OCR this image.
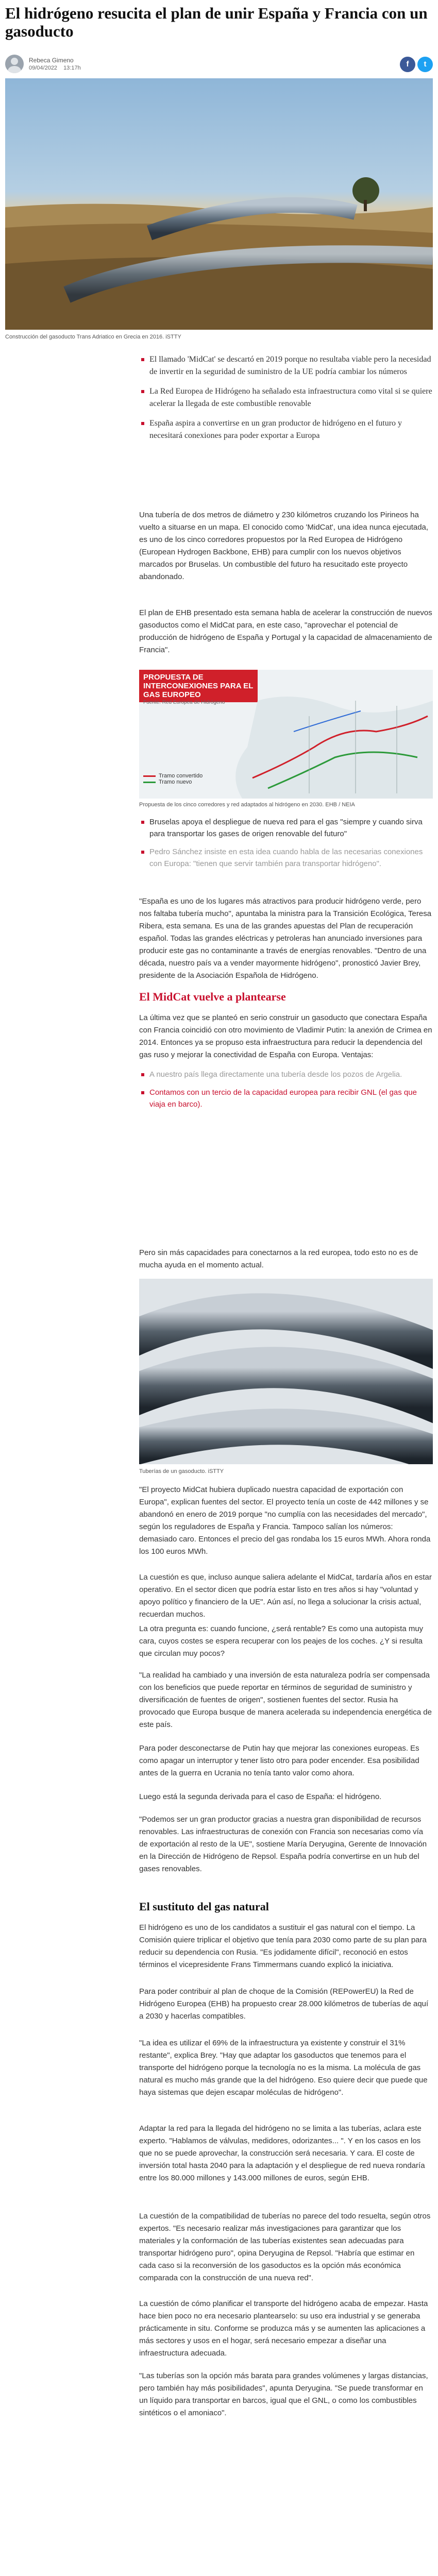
El hidrógeno resucita el plan de unir España y Francia con un gasoducto
Rebeca Gimeno
09/04/2022 13:17h	f	t
Construcción del gasoducto Trans Adriatico en Grecia en 2016. iSTTY
El llamado 'MidCat' se descartó en 2019 porque no resultaba viable pero la necesidad de invertir en la seguridad de suministro de la UE podría cambiar los números
La Red Europea de Hidrógeno ha señalado esta infraestructura como vital si se quiere acelerar la llegada de este combustible renovable
España aspira a convertirse en un gran productor de hidrógeno en el futuro y necesitará conexiones para poder exportar a Europa

Una tubería de dos metros de diámetro y 230 kilómetros cruzando los Pirineos ha vuelto a situarse en un mapa. El conocido como 'MidCat', una idea nunca ejecutada, es uno de los cinco corredores propuestos por la Red Europea de Hidrógeno (European Hydrogen Backbone, EHB) para cumplir con los nuevos objetivos marcados por Bruselas. Un combustible del futuro ha resucitado este proyecto abandonado.

El plan de EHB presentado esta semana habla de acelerar la construcción de nuevos gasoductos como el MidCat para, en este caso, "aprovechar el potencial de producción de hidrógeno de España y Portugal y la capacidad de almacenamiento de Francia".

PROPUESTA DE INTERCONEXIONES PARA EL GAS EUROPEO
Fuente: Red Europea de Hidrógeno
Tramo convertido
Tramo nuevo
Propuesta de los cinco corredores y red adaptados al hidrógeno en 2030. EHB / NEIA
Bruselas apoya el despliegue de nueva red para el gas "siempre y cuando sirva para transportar los gases de origen renovable del futuro"
Pedro Sánchez insiste en esta idea cuando habla de las necesarias conexiones con Europa: "tienen que servir también para transportar hidrógeno".

"España es uno de los lugares más atractivos para producir hidrógeno verde, pero nos faltaba tubería mucho", apuntaba la ministra para la Transición Ecológica, Teresa Ribera, esta semana. Es una de las grandes apuestas del Plan de recuperación español. Todas las grandes eléctricas y petroleras han anunciado inversiones para producir este gas no contaminante a través de energías renovables. "Dentro de una década, nuestro país va a vender mayormente hidrógeno", pronosticó Javier Brey, presidente de la Asociación Española de Hidrógeno.

El MidCat vuelve a plantearse

La última vez que se planteó en serio construir un gasoducto que conectara España con Francia coincidió con otro movimiento de Vladimir Putin: la anexión de Crimea en 2014. Entonces ya se propuso esta infraestructura para reducir la dependencia del gas ruso y mejorar la conectividad de España con Europa. Ventajas:

A nuestro país llega directamente una tubería desde los pozos de Argelia.
Contamos con un tercio de la capacidad europea para recibir GNL (el gas que viaja en barco).

Pero sin más capacidades para conectarnos a la red europea, todo esto no es de mucha ayuda en el momento actual.

Tuberías de un gasoducto. iSTTY

"El proyecto MidCat hubiera duplicado nuestra capacidad de exportación con Europa", explican fuentes del sector. El proyecto tenía un coste de 442 millones y se abandonó en enero de 2019 porque "no cumplía con las necesidades del mercado", según los reguladores de España y Francia. Tampoco salían los números: demasiado caro. Entonces el precio del gas rondaba los 15 euros MWh. Ahora ronda los 100 euros MWh.

La cuestión es que, incluso aunque saliera adelante el MidCat, tardaría años en estar operativo. En el sector dicen que podría estar listo en tres años si hay "voluntad y apoyo político y financiero de la UE". Aún así, no llega a solucionar la crisis actual, recuerdan muchos.

La otra pregunta es: cuando funcione, ¿será rentable? Es como una autopista muy cara, cuyos costes se espera recuperar con los peajes de los coches. ¿Y si resulta que circulan muy pocos?

"La realidad ha cambiado y una inversión de esta naturaleza podría ser compensada con los beneficios que puede reportar en términos de seguridad de suministro y diversificación de fuentes de origen", sostienen fuentes del sector. Rusia ha provocado que Europa busque de manera acelerada su independencia energética de este país.

Para poder desconectarse de Putin hay que mejorar las conexiones europeas. Es como apagar un interruptor y tener listo otro para poder encender. Esa posibilidad antes de la guerra en Ucrania no tenía tanto valor como ahora.

Luego está la segunda derivada para el caso de España: el hidrógeno.

"Podemos ser un gran productor gracias a nuestra gran disponibilidad de recursos renovables. Las infraestructuras de conexión con Francia son necesarias como vía de exportación al resto de la UE", sostiene María Deryugina, Gerente de Innovación en la Dirección de Hidrógeno de Repsol. España podría convertirse en un hub del gases renovables.

El sustituto del gas natural

El hidrógeno es uno de los candidatos a sustituir el gas natural con el tiempo. La Comisión quiere triplicar el objetivo que tenía para 2030 como parte de su plan para reducir su dependencia con Rusia. "Es jodidamente difícil", reconoció en estos términos el vicepresidente Frans Timmermans cuando explicó la iniciativa.

Para poder contribuir al plan de choque de la Comisión (REPowerEU) la Red de Hidrógeno Europea (EHB) ha propuesto crear 28.000 kilómetros de tuberías de aquí a 2030 y hacerlas compatibles.

"La idea es utilizar el 69% de la infraestructura ya existente y construir el 31% restante", explica Brey. "Hay que adaptar los gasoductos que tenemos para el transporte del hidrógeno porque la tecnología no es la misma. La molécula de gas natural es mucho más grande que la del hidrógeno. Eso quiere decir que puede que haya sistemas que dejen escapar moléculas de hidrógeno".

Adaptar la red para la llegada del hidrógeno no se limita a las tuberías, aclara este experto. "Hablamos de válvulas, medidores, odorizantes... ". Y en los casos en los que no se puede aprovechar, la construcción será necesaria. Y cara. El coste de inversión total hasta 2040 para la adaptación y el despliegue de red nueva rondaría entre los 80.000 millones y 143.000 millones de euros, según EHB.

La cuestión de la compatibilidad de tuberías no parece del todo resuelta, según otros expertos. "Es necesario realizar más investigaciones para garantizar que los materiales y la conformación de las tuberías existentes sean adecuadas para transportar hidrógeno puro", opina Deryugina de Repsol. "Habría que estimar en cada caso si la reconversión de los gasoductos es la opción más económica comparada con la construcción de una nueva red".

La cuestión de cómo planificar el transporte del hidrógeno acaba de empezar. Hasta hace bien poco no era necesario plantearselo: su uso era industrial y se generaba prácticamente in situ. Conforme se produzca más y se aumenten las aplicaciones a más sectores y usos en el hogar, será necesario empezar a diseñar una infraestructura adecuada.

"Las tuberías son la opción más barata para grandes volúmenes y largas distancias, pero también hay más posibilidades", apunta Deryugina. "Se puede transformar en un líquido para transportar en barcos, igual que el GNL, o como los combustibles sintéticos o el amoniaco".
